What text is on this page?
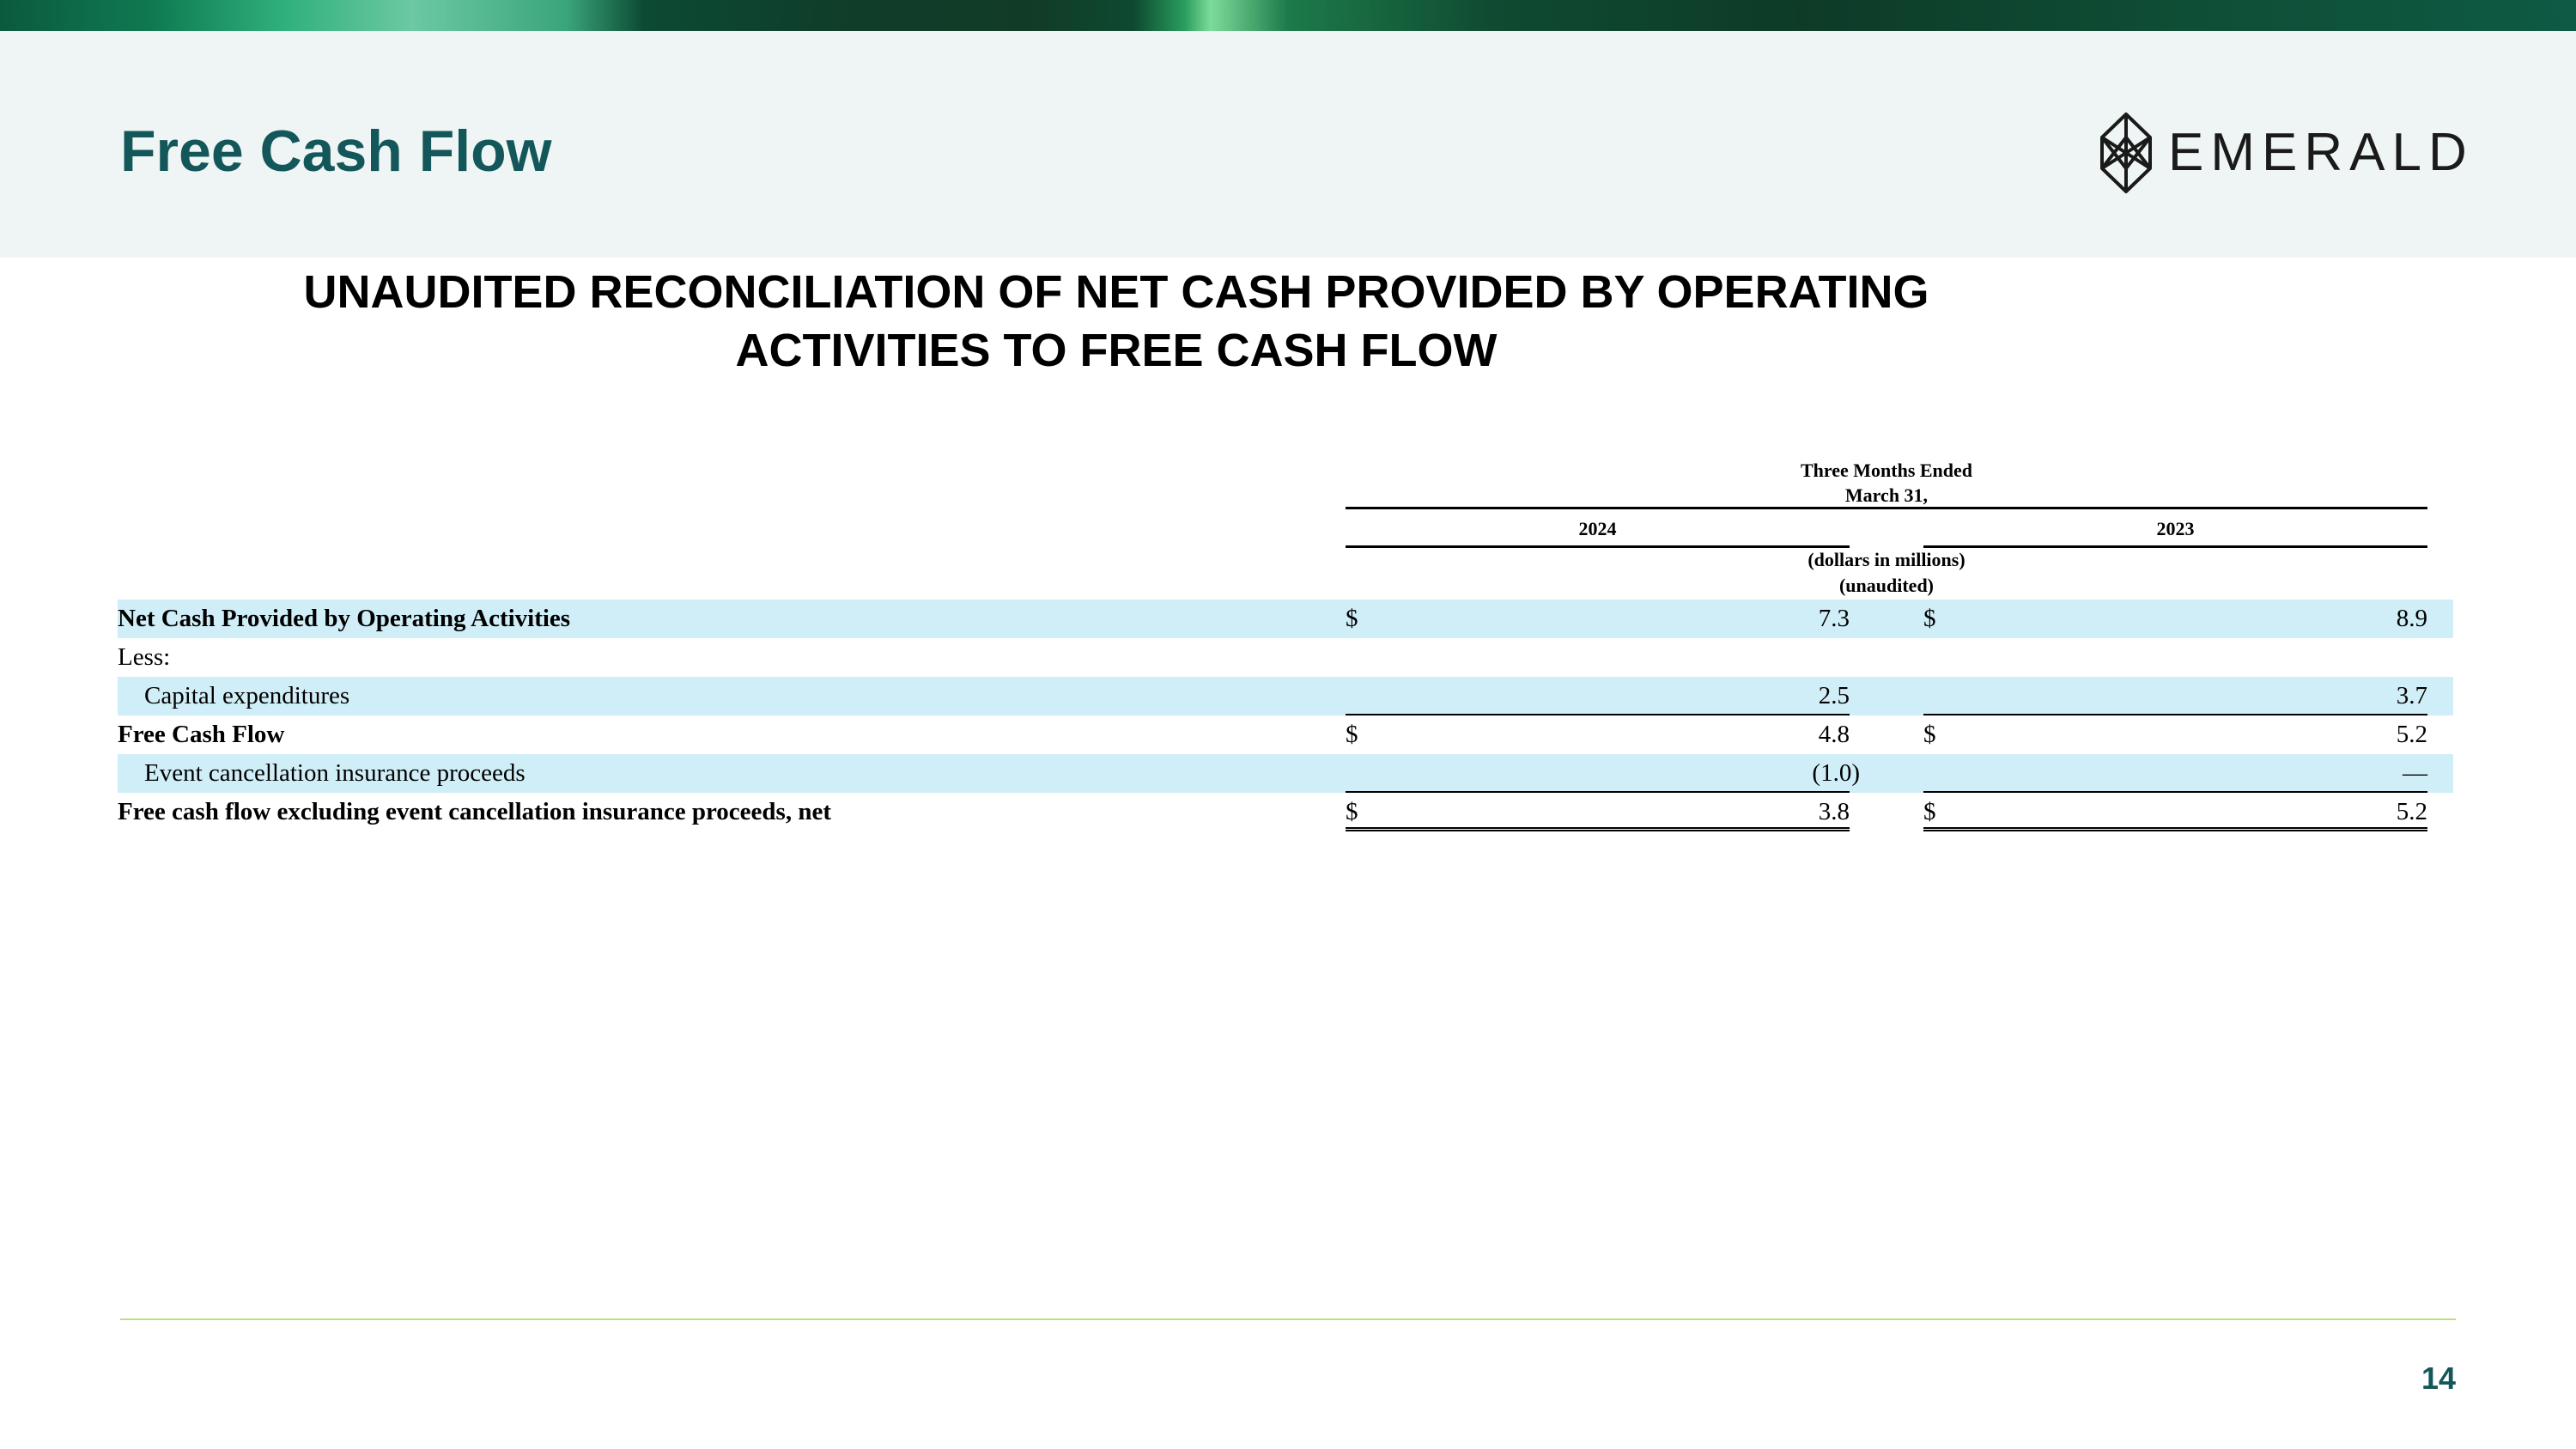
Free Cash Flow	EMERALD
UNAUDITED RECONCILIATION OF NET CASH PROVIDED BY OPERATING
ACTIVITIES TO FREE CASH FLOW
Three Months Ended
March 31,
2024	2023
(dollars in millions)
(unaudited)
Net Cash Provided by Operating Activities	$	7.3	$	8.9
Less:
Capital expenditures	2.5	3.7
Free Cash Flow	$	4.8	$	5.2
Event cancellation insurance proceeds	(1.0)	—
Free cash flow excluding event cancellation insurance proceeds, net	$	3.8	$	5.2
14
